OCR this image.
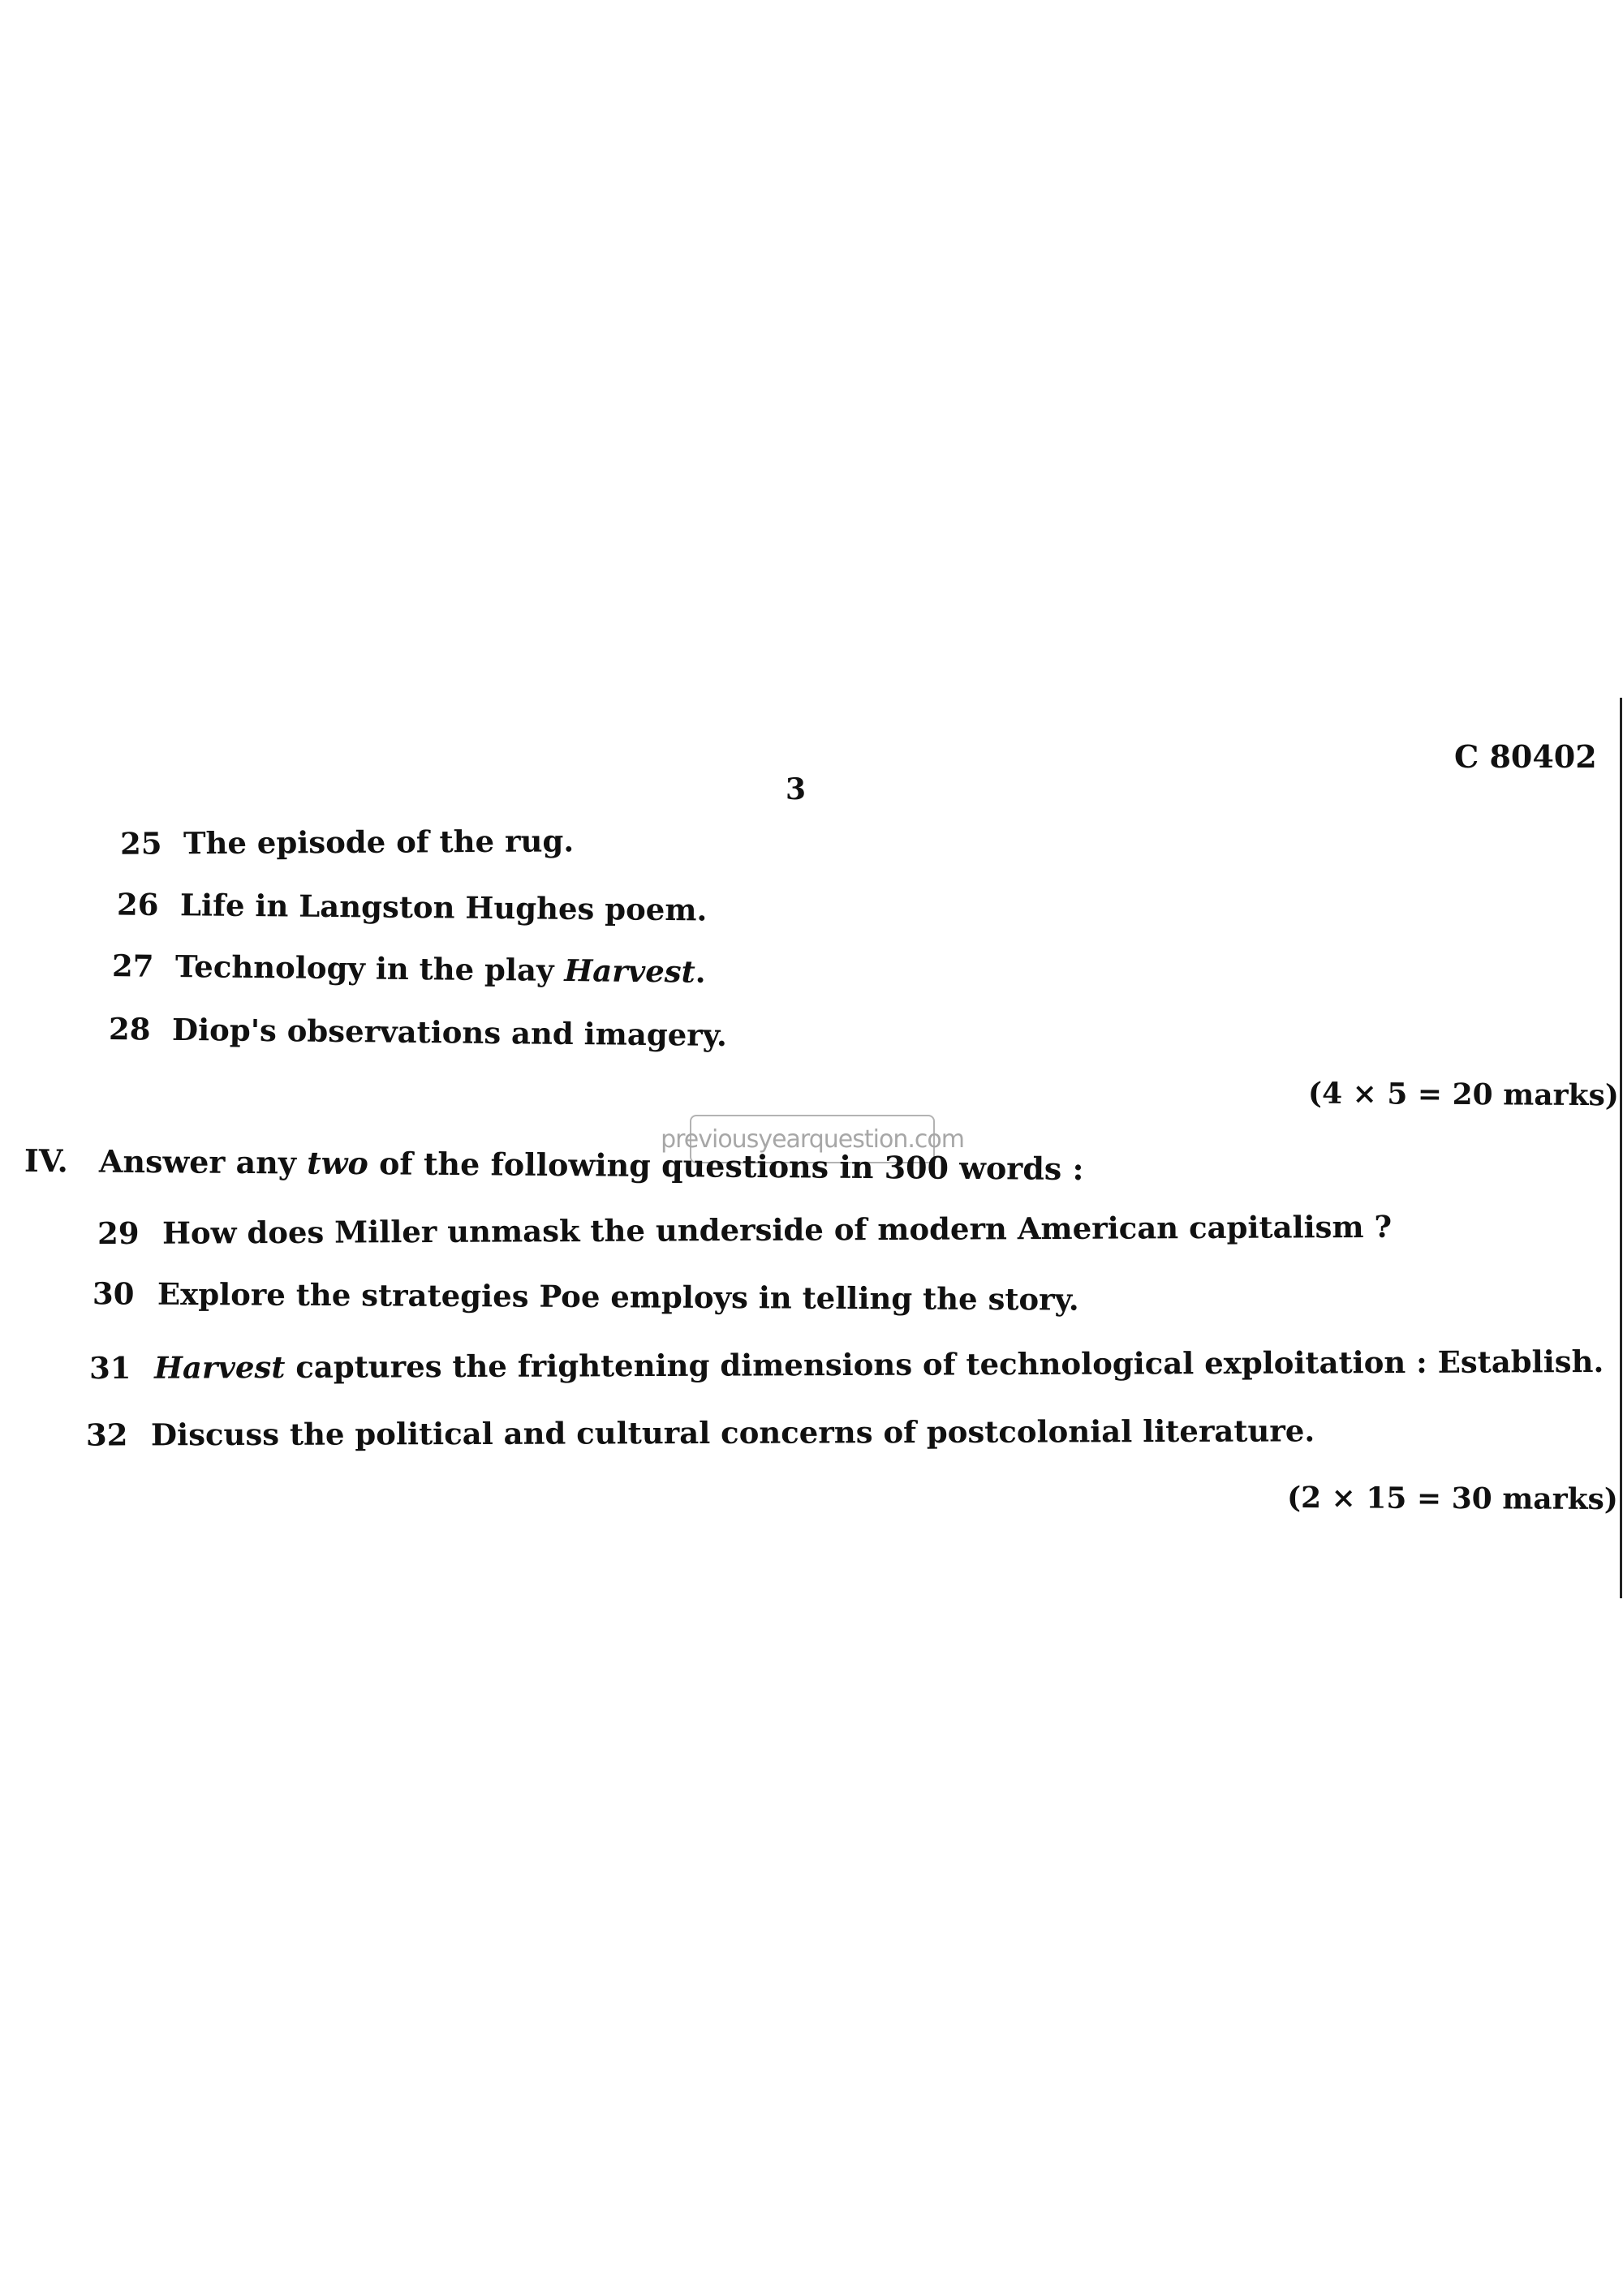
C 80402
3
25 The episode of the rug.
26 Life in Langston Hughes poem.
27 Technology in the play Harvest.
28 Diop's observations and imagery.
(4 × 5 = 20 marks)
previousyearquestion.com
IV. Answer any two of the following questions in 300 words :
29 How does Miller unmask the underside of modern American capitalism ?
30 Explore the strategies Poe employs in telling the story.
31 Harvest captures the frightening dimensions of technological exploitation : Establish.
32 Discuss the political and cultural concerns of postcolonial literature.
(2 × 15 = 30 marks)
